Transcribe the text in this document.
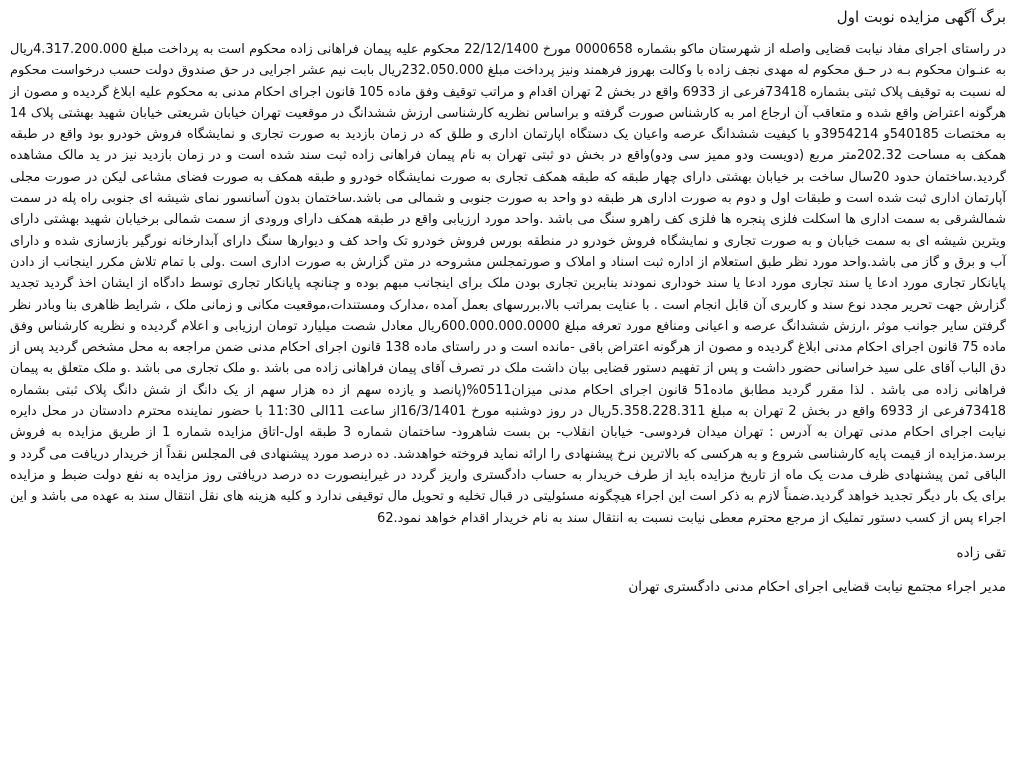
برگ آگهی مزایده نوبت اول

در راستای اجرای مفاد نیابت قضایی واصله از شهرستان ماکو بشماره 0000658 مورخ 22/12/1400 محکوم علیه پیمان فراهانی زاده محکوم است به پرداخت مبلغ 4.317.200.000ریال به عنـوان محکوم بـه در حـق محکوم له مهدی نجف زاده با وکالت بهروز فرهمند ونیز پرداخت مبلغ 232.050.000ریال بابت نیم عشر اجرایی در حق صندوق دولت حسب درخواست محکوم له نسبت به توقیف پلاک ثبتی بشماره 73418فرعی از 6933 واقع در بخش 2 تهران اقدام و مراتب توقیف وفق ماده 105 قانون اجرای احکام مدنی به محکوم علیه ابلاغ گردیده و مصون از هرگونه اعتراض واقع شده و متعاقب آن ارجاع امر به کارشناس صورت گرفته و براساس نظریه کارشناسی ارزش ششدانگ در موقعیت تهران خیابان شریعتی خیابان شهید بهشتی پلاک 14 به مختصات 540185و 3954214و با کیفیت ششدانگ عرصه واعیان یک دستگاه اپارتمان اداری و طلق که در زمان بازدید به صورت تجاری و نمایشگاه فروش خودرو بود واقع در طبقه همکف به مساحت 202.32متر مربع (دویست ودو ممیز سی ودو)واقع در بخش دو ثبتی تهران به نام پیمان فراهانی زاده ثبت سند شده است و در زمان بازدید نیز در ید مالک مشاهده گردید.ساختمان حدود 20سال ساخت بر خیابان بهشتی دارای چهار طبقه که طبقه همکف تجاری به صورت نمایشگاه خودرو و طبقه همکف به صورت فضای مشاعی لیکن در صورت مجلی آپارتمان اداری ثبت شده است و طبقات اول و دوم به صورت اداری هر طبقه دو واحد به صورت جنوبی و شمالی می باشد.ساختمان بدون آسانسور نمای شیشه ای جنوبی راه پله در سمت شمالشرقی به سمت اداری ها اسکلت فلزی پنجره ها فلزی کف راهرو سنگ می باشد .واحد مورد ارزیابی واقع در طبقه همکف دارای ورودی از سمت شمالی برخیابان شهید بهشتی دارای ویترین شیشه ای به سمت خیابان و به صورت تجاری و نمایشگاه فروش خودرو در منطقه بورس فروش خودرو تک واحد کف و دیوارها سنگ دارای آبدارخانه نورگیر بازسازی شده و دارای آب و برق و گاز می باشد.واحد مورد نظر طبق استعلام از اداره ثبت اسناد و املاک و صورتمجلس مشروحه در متن گزارش به صورت اداری است .ولی با تمام تلاش مکرر اینجانب از دادن پایانکار تجاری مورد ادعا یا سند تجاری مورد ادعا یا سند خوداری نمودند بنابرین تجاری بودن ملک برای اینجانب مبهم بوده و چنانچه پایانکار تجاری توسط دادگاه از ایشان اخذ گردید تجدید گزارش جهت تحریر مجدد نوع سند و کاربری آن قابل انجام است . با عنایت بمراتب بالا،بررسهای بعمل آمده ،مدارک ومستندات،موقعیت مکانی و زمانی ملک ، شرایط ظاهری بنا وبادر نظر گرفتن سایر جوانب موثر ،ارزش ششدانگ عرصه و اعیانی ومنافع مورد تعرفه مبلغ 600.000.000.0000ریال معادل شصت میلیارد تومان ارزیابی و اعلام گردیده و نظریه کارشناس وفق ماده 75 قانون اجرای احکام مدنی ابلاغ گردیده و مصون از هرگونه اعتراض باقی -مانده است و در راستای ماده 138 قانون اجرای احکام مدنی ضمن مراجعه به محل مشخص گردید پس از دق الباب آقای علی سید خراسانی حضور داشت و پس از تفهیم دستور قضایی بیان داشت ملک در تصرف آقای پیمان فراهانی زاده می باشد .و ملک تجاری می باشد .و ملک متعلق به پیمان فراهانی زاده می باشد . لذا مقرر گردید مطابق ماده51 قانون اجرای احکام مدنی میزان0511%(پانصد و یازده سهم از ده هزار سهم از یک دانگ از شش دانگ پلاک ثبتی بشماره 73418فرعی از 6933 واقع در بخش 2 تهران به مبلغ 5.358.228.311ریال در روز دوشنبه مورخ 16/3/1401از ساعت 11الی 11:30 با حضور نماینده محترم دادستان در محل دایره نیابت اجرای احکام مدنی تهران به آدرس : تهران میدان فردوسی- خیابان انقلاب- بن بست شاهرود- ساختمان شماره 3 طبقه اول-اتاق مزایده شماره 1 از طریق مزایده به فروش برسد.مزایده از قیمت پایه کارشناسی شروع و به هرکسی که بالاترین نرخ پیشنهادی را ارائه نماید فروخته خواهدشد. ده درصد مورد پیشنهادی فی المجلس نقداً از خریدار دریافت می گردد و الباقی ثمن پیشنهادی ظرف مدت یک ماه از تاریخ مزایده باید از طرف خریدار به حساب دادگستری واریز گردد در غیراینصورت ده درصد دریافتی روز مزایده به نفع دولت ضبط و مزایده برای یک بار دیگر تجدید خواهد گردید.ضمناً لازم به ذکر است این اجراء هیچگونه مسئولیتی در قبال تخلیه و تحویل مال توقیفی ندارد و کلیه هزینه های نقل انتقال سند به عهده می باشد و این اجراء پس از کسب دستور تملیک از مرجع محترم معطی نیابت نسبت به انتقال سند به نام خریدار اقدام خواهد نمود.62

تقی زاده
مدیر اجراء مجتمع نیابت قضایی اجرای احکام مدنی دادگستری تهران
